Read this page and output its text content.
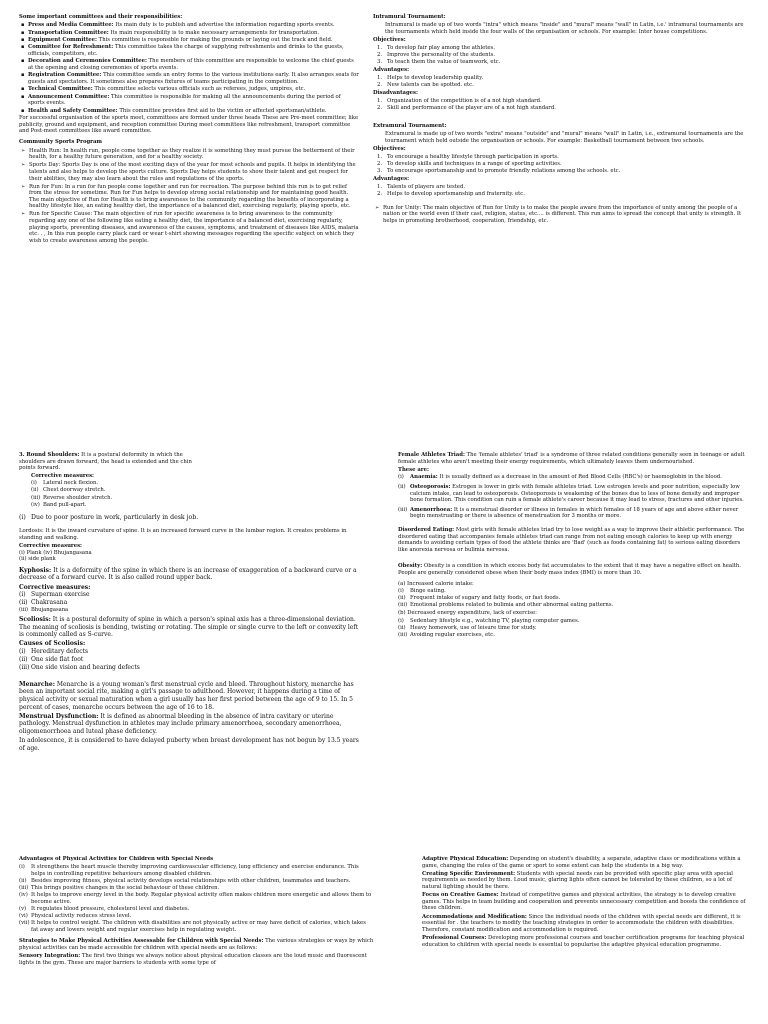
Some important committees and their responsibilities:

▪ Press and Media Committee: Its main duty is to publish and advertise the information regarding sports events.
▪ Transportation Committee: Its main responsibility is to make necessary arrangements for transportation.
▪ Equipment Committee: This committee is responsible for making the grounds or laying out the track and field.
▪ Committee for Refreshment: This committee takes the charge of supplying refreshments and drinks to the guests, officials, competitors, etc.
▪ Decoration and Ceremonies Committee: The members of this committee are responsible to welcome the chief guests at the opening and closing ceremonies of sports events.
▪ Registration Committee: This committee sends an entry forms to the various institutions early. It also arranges seats for guests and spectators. It sometimes also prepares fixtures of teams participating in the competition.
▪ Technical Committee: This committee selects various officials such as referees, judges, umpires, etc.
▪ Announcement Committee: This committee is responsible for making all the announcements during the period of sports events.
▪ Health and Safety Committee: This committee provides first aid to the victim or affected sportsman/athlete.

For successful organisation of the sports meet, committees are formed under three heads These are Pre-meet committee; like publicity, ground and equipment, and reception committee During meet committees like refreshment, transport committee and Post-meet committees like award committee.

Community Sports Program

➢ Health Run: In health run, people come together as they realize it is something they must pursue the betterment of their health, for a healthy future generation, and for a healthy society.
➢ Sports Day: Sports Day is one of the most exciting days of the year for most schools and pupils. It helps in identifying the talents and also helps to develop the sports culture. Sports Day helps students to show their talent and get respect for their abilities, they may also learn about the rules and regulations of the sports.
➢ Run for Fun: In a run for fun people come together and run for recreation. The purpose behind this run is to get relief from the stress for sometime. Run for Fun helps to develop strong social relationship and for maintaining good health. The main objective of Run for Health is to bring awareness to the community regarding the benefits of incorporating a healthy lifestyle like, an eating healthy diet, the importance of a balanced diet, exercising regularly, playing sports, etc.
➢ Run for Specific Cause: The main objective of run for specific awareness is to bring awareness to the community regarding any one of the following like eating a healthy diet, the importance of a balanced diet, exercising regularly, playing sports, preventing diseases, and awareness of the causes, symptoms, and treatment of diseases like AIDS, malaria etc. . , In this run people carry plack card or wear t-shirt showing messages regarding the specific subject on which they wish to create awareness among the people.

Intramural Tournament:

Intramural is made up of two words "intra" which means "inside" and "mural" means "wall" in Latin, i.e.' intramural tournaments are the tournaments which held inside the four walls of the organisation or schools. For example: Inter house competitions.

Objectives:

1. To develop fair play among the athletes.
2. Improve the personality of the students.
3. To teach them the value of teamwork, etc.

Advantages:

1. Helps to develop leadership quality.
2. New talents can be spotted. etc.

Disadvantages:

1. Organization of the competition is of a not high standard.
2. Skill and performance of the player are of a not high standard.

Extramural Tournament:

Extramural is made up of two words "extra" means "outside" and "mural" means "wall" in Latin, i.e., extramural tournaments are the tournament which held outside the organisation or schools. For example: Basketball tournament between two schools.

Objectives:

1. To encourage a healthy lifestyle through participation in sports.
2. To develop skills and techniques in a range of sporting activities.
3. To encourage sportsmanship and to promote friendly relations among the schools. etc.

Advantages:

1. Talents of players are tested.
2. Helps to develop sportsmanship and fraternity. etc.
➢ Run for Unity: The main objective of Run for Unity is to make the people aware from the importance of unity among the people of a nation or the world even if their cast, religion, status, etc.... is different. This run aims to spread the concept that unity is strength. It helps in promoting brotherhood, cooperation, friendship, etc.

3. Round Shoulders: It is a postural deformity in which the shoulders are drawn forward, the head is extended and the chin points forward.

Corrective measures:

(i) Lateral neck flexion.
(ii) Chest doorway stretch.
(iii) Reverse shoulder stretch.
(iv) Band pull-apart.
(i) Due to poor posture in work, particularly in desk job.

Lordosis: It is the inward curvature of spine. It is an increased forward curve in the lumbar region. It creates problems in standing and walking.

Corrective measures:

(i) Plank (iv) Bhujangasana
(ii) side plank

Kyphosis: It is a deformity of the spine in which there is an increase of exaggeration of a backward curve or a decrease of a forward curve. It is also called round upper back.

Corrective measures:

(i) Superman exercise
(ii) Chakrasana
(iii) Bhujangasana

Scoliosis: It is a postural deformity of spine in which a person's spinal axis has a three-dimensional deviation. The meaning of scoliosis is bending, twisting or rotating. The simple or single curve to the left or convexity left is commonly called as S-curve.

Causes of Scoliosis:

(i) Hereditary defects
(ii) One side flat foot
(iii) One side vision and hearing defects

Menarche: Menarche is a young woman's first menstrual cycle and bleed. Throughout history, menarche has been an important social rite, making a girl's passage to adulthood. However, it happens during a time of physical activity or sexual maturation when a girl usually has her first period between the age of 9 to 15. In 5 percent of cases, menarche occurs between the age of 16 to 18.

Menstrual Dysfunction: It is defined as abnormal bleeding in the absence of intra cavitary or uterine pathology. Menstrual dysfunction in athletes may include primary amenorrhoea, secondary amenorrhoea, oligomenorrhoea and luteal phase deficiency.

In adolescence, it is considered to have delayed puberty when breast development has not begun by 13.5 years of age.

Female Athletes Triad: The 'female athletes' triad' is a syndrome of three related conditions generally seen in teenage or adult female athletes who aren't meeting their energy requirements, which ultimately leaves them undernourished.

These are:

(i) Anaemia: It is usually defined as a decrease in the amount of Red Blood Cells (RBC's) or haemoglobin in the blood.
(ii) Osteoporosis: Estrogen is lower in girls with female athletes triad. Low estrogen levels and poor nutrition, especially low calcium intake, can lead to osteoporosis. Osteoporosis is weakening of the bones due to less of bone density and improper bone formation. This condition can ruin a female athlete's career because it may lead to stress, fractures and other injuries.
(iii) Amenorrhoea: It is a menstrual disorder or illness in females in which females of 18 years of age and above either never begin menstruating or there is absence of menstruation for 3 months or more.

Disordered Eating: Most girls with female athletes triad try to lose weight as a way to improve their athletic performance. The disordered eating that accompanies female athletes triad can range from not eating enough calories to keep up with energy demands to avoiding certain types of food the athlete thinks are 'Bad' (such as foods containing fat) to serious eating disorders like anorexia nervosa or bulimia nervosa.

Obesity: Obesity is a condition in which excess body fat accumulates to the extent that it may have a negative effect on health. People are generally considered obese when their body mass index (BMI) is more than 30.

(a) Increased calorie intake:

(i) Binge eating.
(ii) Frequent intake of sugary and fatty foods, or fast foods.
(iii) Emotional problems related to bulimia and other abnormal eating patterns.

(b) Decreased energy expenditure, lack of exercise:

(i) Sedentary lifestyle e.g., watching TV, playing computer games.
(ii) Heavy homework, use of leisure time for study.
(iii) Avoiding regular exercises, etc.

Advantages of Physical Activities for Children with Special Needs

(i) It strengthens the heart muscle thereby improving cardiovascular efficiency, lung efficiency and exercise endurance. This helps in controlling repetitive behaviours among disabled children.
(ii) Besides improving fitness, physical activity develops social relationships with other children, teammates and teachers.
(iii) This brings positive changes in the social behaviour of these children.
(iv) It helps to improve energy level in the body. Regular physical activity often makes children more energetic and allows them to become active.
(v) It regulates blood pressure, cholesterol level and diabetes.
(vi) Physical activity reduces stress level.
(vii)It helps to control weight. The children with disabilities are not physically active or may have deficit of calories, which takes fat away and lowers weight and regular exercises help in regulating weight.

Strategies to Make Physical Activities Assessable for Children with Special Needs: The various strategies or ways by which physical activities can be made accessible for children with special needs are as follows:

Sensory Integration: The first two things we always notice about physical education classes are the loud music and fluorescent lights in the gym. These are major barriers to students with some type of

Adaptive Physical Education: Depending on student's disability, a separate, adaptive class or modifications within a game, changing the rules of the game or sport to some extent can help the students in a big way.

Creating Specific Environment: Students with special needs can be provided with specific play area with special requirements as needed by them. Loud music, glaring lights often cannot be tolerated by these children, so a lot of natural lighting should be there.

Focus on Creative Games: Instead of competitive games and physical activities, the strategy is to develop creative games. This helps in team building and cooperation and prevents unnecessary competition and boosts the confidence of these children.

Accommodations and Modification: Since the individual needs of the children with special needs are different, it is essential for . the teachers to modify the teaching strategies in order to accommodate the children with disabilities. Therefore, constant modification and accommodation is required.

Professional Courses: Developing more professional courses and teacher certification programs for teaching physical education to children with special needs is essential to popularise the adaptive physical education programme.
